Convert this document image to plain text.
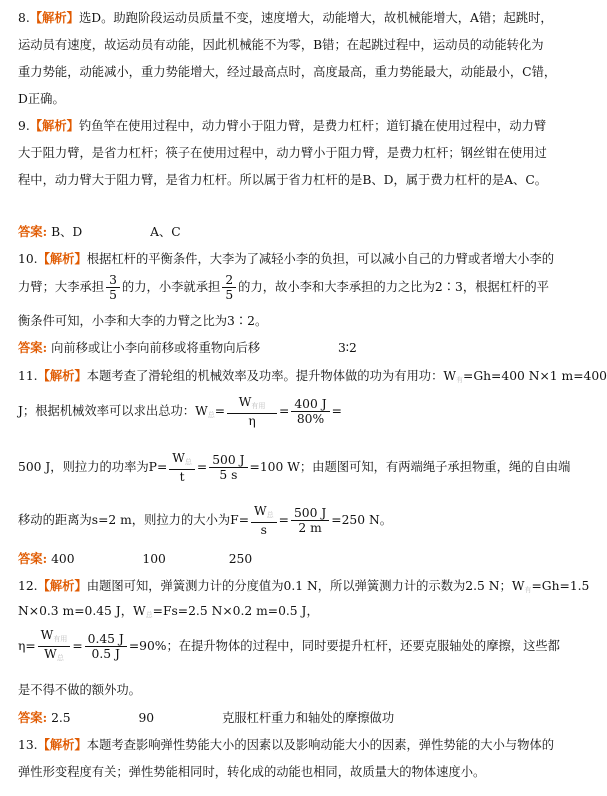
8.【解析】选D。助跑阶段运动员质量不变，速度增大，动能增大，故机械能增大，A错；起跳时，
运动员有速度，故运动员有动能，因此机械能不为零，B错；在起跳过程中，运动员的动能转化为
重力势能，动能减小，重力势能增大，经过最高点时，高度最高，重力势能最大，动能最小，C错，
D正确。
9.【解析】钓鱼竿在使用过程中，动力臂小于阻力臂，是费力杠杆；道钉撬在使用过程中，动力臂
大于阻力臂，是省力杠杆；筷子在使用过程中，动力臂小于阻力臂，是费力杠杆；钢丝钳在使用过
程中，动力臂大于阻力臂，是省力杠杆。所以属于省力杠杆的是B、D，属于费力杠杆的是A、C。
答案: B、D	A、C
10.【解析】根据杠杆的平衡条件，大李为了减轻小李的负担，可以减小自己的力臂或者增大小李的
力臂；大李承担 $\frac{3}{5}$ 的力，小李就承担 $\frac{2}{5}$ 的力，故小李和大李承担的力之比为2∶3，根据杠杆的平
衡条件可知，小李和大李的力臂之比为3∶2。
答案: 向前移或让小李向前移或将重物向后移	3∶2
11.【解析】本题考查了滑轮组的机械效率及功率。提升物体做的功为有用功：$W_有=Gh=400$ N×1 m=400
J；根据机械效率可以求出总功：$W_总= \frac{W_{有用}}{\eta} = \frac{400 J}{80\%}$ =
500 J，则拉力的功率为$P= \frac{W_总}{t} = \frac{500 J}{5 s} =100$ W；由题图可知，有两端绳子承担物重，绳的自由端
移动的距离为s=2 m，则拉力的大小为$F= \frac{W_总}{s} = \frac{500 J}{2 m} =250$ N。
答案: 400	100	250
12.【解析】由题图可知，弹簧测力计的分度值为0.1 N，所以弹簧测力计的示数为2.5 N；$W_有=Gh=1.5$
N×0.3 m=0.45 J，$W_总=Fs=2.5$ N×0.2 m=0.5 J，
$\eta= \frac{W_{有用}}{W_总} = \frac{0.45 J}{0.5 J} =90\%$；在提升物体的过程中，同时要提升杠杆，还要克服轴处的摩擦，这些都
是不得不做的额外功。
答案: 2.5	90	克服杠杆重力和轴处的摩擦做功
13.【解析】本题考查影响弹性势能大小的因素以及影响动能大小的因素，弹性势能的大小与物体的
弹性形变程度有关；弹性势能相同时，转化成的动能也相同，故质量大的物体速度小。
